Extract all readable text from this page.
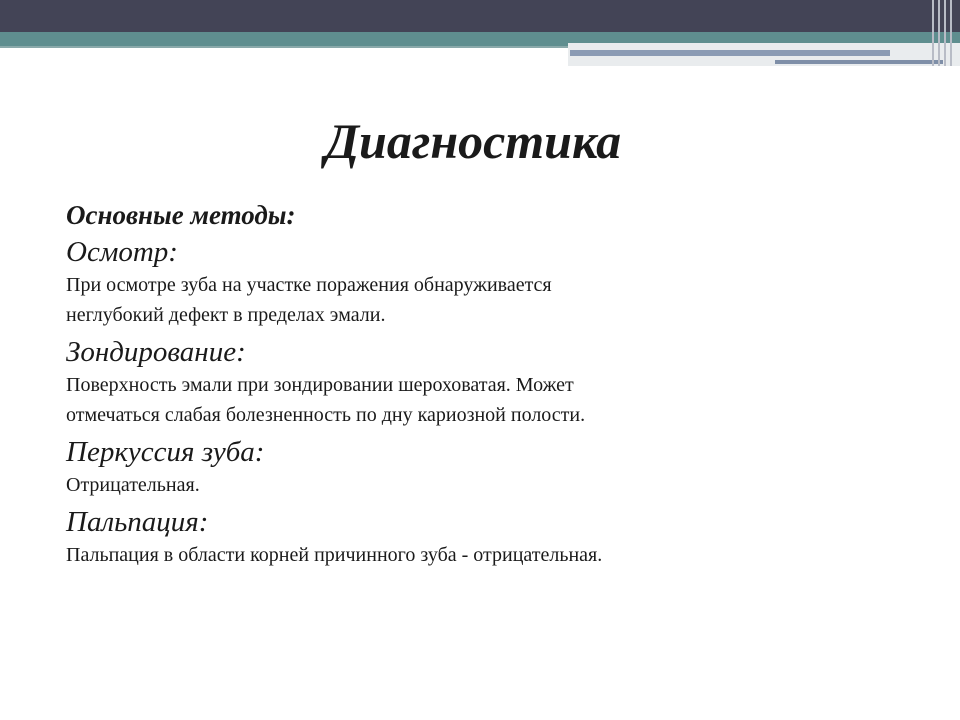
Диагностика
Основные методы:
Осмотр:
При осмотре зуба на участке поражения обнаруживается
неглубокий дефект в пределах эмали.
Зондирование:
Поверхность эмали при зондировании шероховатая. Может
отмечаться слабая болезненность по дну кариозной полости.
Перкуссия зуба:
Отрицательная.
Пальпация:
Пальпация в области корней причинного зуба - отрицательная.
